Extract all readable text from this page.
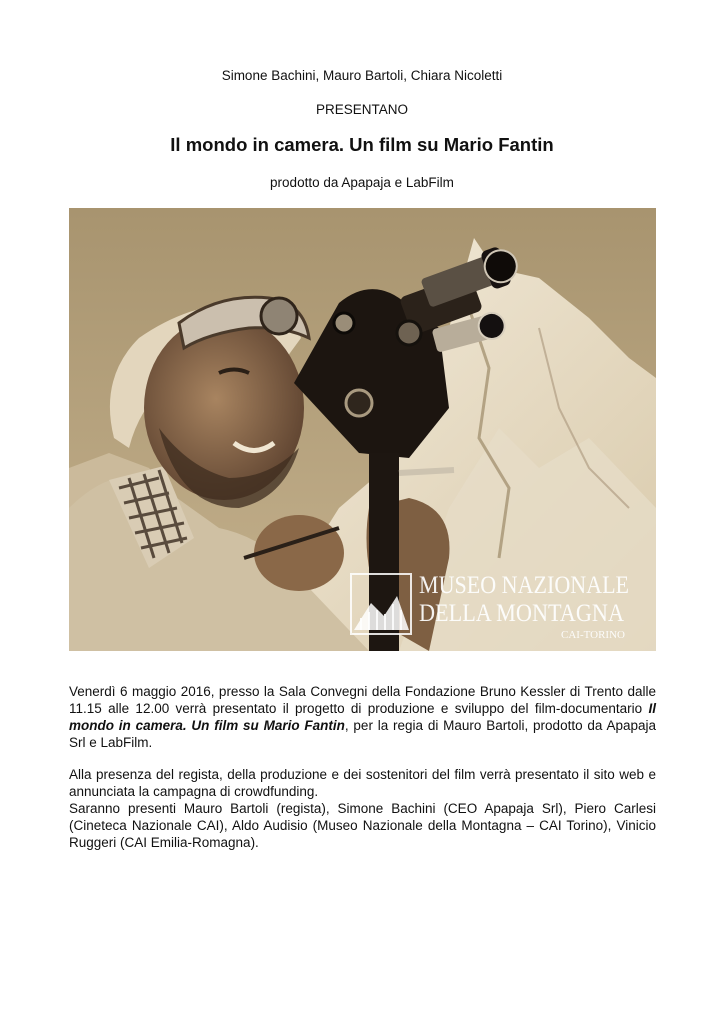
Simone Bachini, Mauro Bartoli, Chiara Nicoletti
PRESENTANO
Il mondo in camera. Un film su Mario Fantin
prodotto da Apapaja e LabFilm
MUSEO NAZIONALE
DELLA MONTAGNA
CAI-TORINO
Venerdì 6 maggio 2016, presso la Sala Convegni della Fondazione Bruno Kessler di Trento dalle 11.15 alle 12.00 verrà presentato il progetto di produzione e sviluppo del film-documentario Il mondo in camera. Un film su Mario Fantin, per la regia di Mauro Bartoli, prodotto da Apapaja Srl e LabFilm.
Alla presenza del regista, della produzione e dei sostenitori del film verrà presentato il sito web e annunciata la campagna di crowdfunding.
Saranno presenti Mauro Bartoli (regista), Simone Bachini (CEO Apapaja Srl), Piero Carlesi (Cineteca Nazionale CAI), Aldo Audisio (Museo Nazionale della Montagna – CAI Torino), Vinicio Ruggeri (CAI Emilia-Romagna).
